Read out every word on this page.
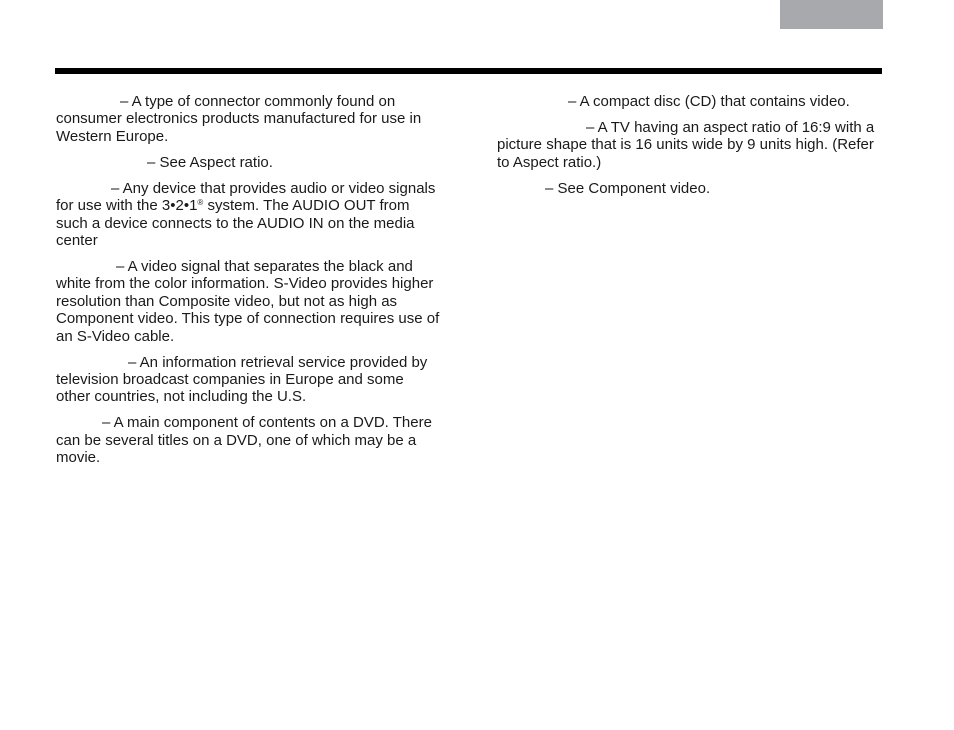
– A type of connector commonly found on consumer electronics products manufactured for use in Western Europe.

– See Aspect ratio.

– Any device that provides audio or video signals for use with the 3•2•1® system. The AUDIO OUT from such a device connects to the AUDIO IN on the media center

– A video signal that separates the black and white from the color information. S-Video provides higher resolution than Composite video, but not as high as Component video. This type of connection requires use of an S-Video cable.

– An information retrieval service provided by television broadcast companies in Europe and some other countries, not including the U.S.

– A main component of contents on a DVD. There can be several titles on a DVD, one of which may be a movie.

– A compact disc (CD) that contains video.

– A TV having an aspect ratio of 16:9 with a picture shape that is 16 units wide by 9 units high. (Refer to Aspect ratio.)

– See Component video.
